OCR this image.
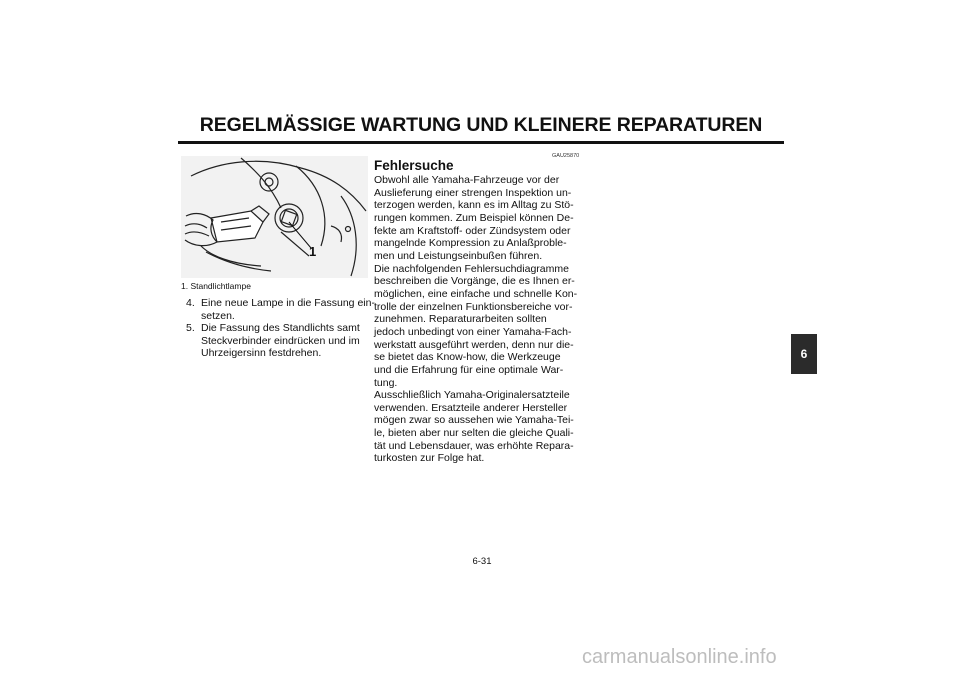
REGELMÄSSIGE WARTUNG UND KLEINERE REPARATUREN
1
1. Standlichtlampe
4. Eine neue Lampe in die Fassung ein-
setzen.
5. Die Fassung des Standlichts samt
Steckverbinder eindrücken und im
Uhrzeigersinn festdrehen.
GAU25870
Fehlersuche
Obwohl alle Yamaha-Fahrzeuge vor der
Auslieferung einer strengen Inspektion un-
terzogen werden, kann es im Alltag zu Stö-
rungen kommen. Zum Beispiel können De-
fekte am Kraftstoff- oder Zündsystem oder
mangelnde Kompression zu Anlaßproble-
men und Leistungseinbußen führen.
Die nachfolgenden Fehlersuchdiagramme
beschreiben die Vorgänge, die es Ihnen er-
möglichen, eine einfache und schnelle Kon-
trolle der einzelnen Funktionsbereiche vor-
zunehmen. Reparaturarbeiten sollten
jedoch unbedingt von einer Yamaha-Fach-
werkstatt ausgeführt werden, denn nur die-
se bietet das Know-how, die Werkzeuge
und die Erfahrung für eine optimale War-
tung.
Ausschließlich Yamaha-Originalersatzteile
verwenden. Ersatzteile anderer Hersteller
mögen zwar so aussehen wie Yamaha-Tei-
le, bieten aber nur selten die gleiche Quali-
tät und Lebensdauer, was erhöhte Repara-
turkosten zur Folge hat.
6
6-31
carmanualsonline.info
